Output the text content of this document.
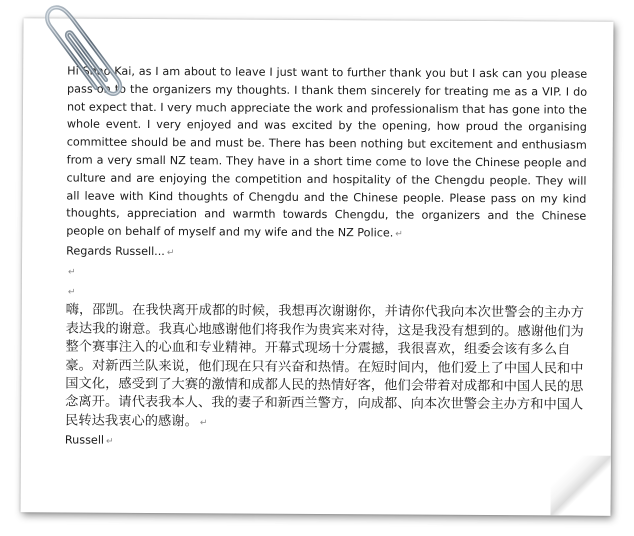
Hi Shao Kai, as I am about to leave I just want to further thank you but I ask can you please pass on to the organizers my thoughts. I thank them sincerely for treating me as a VIP. I do not expect that. I very much appreciate the work and professionalism that has gone into the whole event. I very enjoyed and was excited by the opening, how proud the organising committee should be and must be. There has been nothing but excitement and enthusiasm from a very small NZ team. They have in a short time come to love the Chinese people and culture and are enjoying the competition and hospitality of the Chengdu people. They will all leave with Kind thoughts of Chengdu and the Chinese people. Please pass on my kind thoughts, appreciation and warmth towards Chengdu, the organizers and the Chinese people on behalf of myself and my wife and the NZ Police. ↵

Regards Russell... ↵

↵

↵

嗨，邵凯。在我快离开成都的时候，我想再次谢谢你，并请你代我向本次世警会的主办方表达我的谢意。我真心地感谢他们将我作为贵宾来对待，这是我没有想到的。感谢他们为整个赛事注入的心血和专业精神。开幕式现场十分震撼，我很喜欢，组委会该有多么自豪。对新西兰队来说，他们现在只有兴奋和热情。在短时间内，他们爱上了中国人民和中国文化，感受到了大赛的激情和成都人民的热情好客，他们会带着对成都和中国人民的思念离开。请代表我本人、我的妻子和新西兰警方，向成都、向本次世警会主办方和中国人民转达我衷心的感谢。 ↵

Russell ↵
